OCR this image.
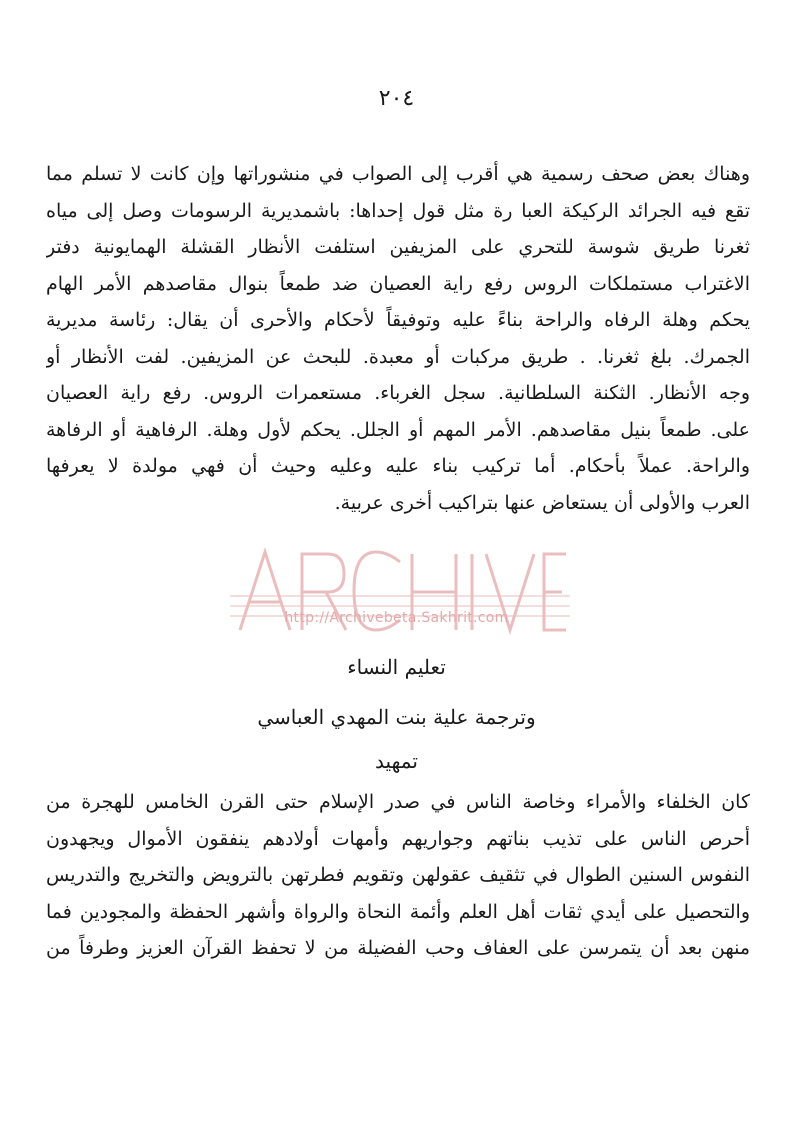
٢٠٤
وهناك بعض صحف رسمية هي أقرب إلى الصواب في منشوراتها وإن كانت لا تسلم مما
تقع فيه الجرائد الركيكة العبا رة مثل قول إحداها: باشمديرية الرسومات وصل إلى مياه
ثغرنا طريق شوسة للتحري على المزيفين استلفت الأنظار القشلة الهمايونية دفتر
الاغتراب مستملكات الروس رفع راية العصيان ضد طمعاً بنوال مقاصدهم الأمر الهام
يحكم وهلة الرفاه والراحة بناءً عليه وتوفيقاً لأحكام والأحرى أن يقال: رئاسة مديرية
الجمرك. بلغ ثغرنا. . طريق مركبات أو معبدة. للبحث عن المزيفين. لفت الأنظار أو
وجه الأنظار. الثكنة السلطانية. سجل الغرباء. مستعمرات الروس. رفع راية العصيان
على. طمعاً بنيل مقاصدهم. الأمر المهم أو الجلل. يحكم لأول وهلة. الرفاهية أو الرفاهة
والراحة. عملاً بأحكام. أما تركيب بناء عليه وعليه وحيث أن فهي مولدة لا يعرفها
العرب والأولى أن يستعاض عنها بتراكيب أخرى عربية.
http://Archivebeta.Sakhrit.com
تعليم النساء
وترجمة علية بنت المهدي العباسي
تمهيد
كان الخلفاء والأمراء وخاصة الناس في صدر الإسلام حتى القرن الخامس للهجرة من
أحرص الناس على تذيب بناتهم وجواريهم وأمهات أولادهم ينفقون الأموال ويجهدون
النفوس السنين الطوال في تثقيف عقولهن وتقويم فطرتهن بالترويض والتخريج والتدريس
والتحصيل على أيدي ثقات أهل العلم وأئمة النحاة والرواة وأشهر الحفظة والمجودين فما
منهن بعد أن يتمرسن على العفاف وحب الفضيلة من لا تحفظ القرآن العزيز وطرفاً من
